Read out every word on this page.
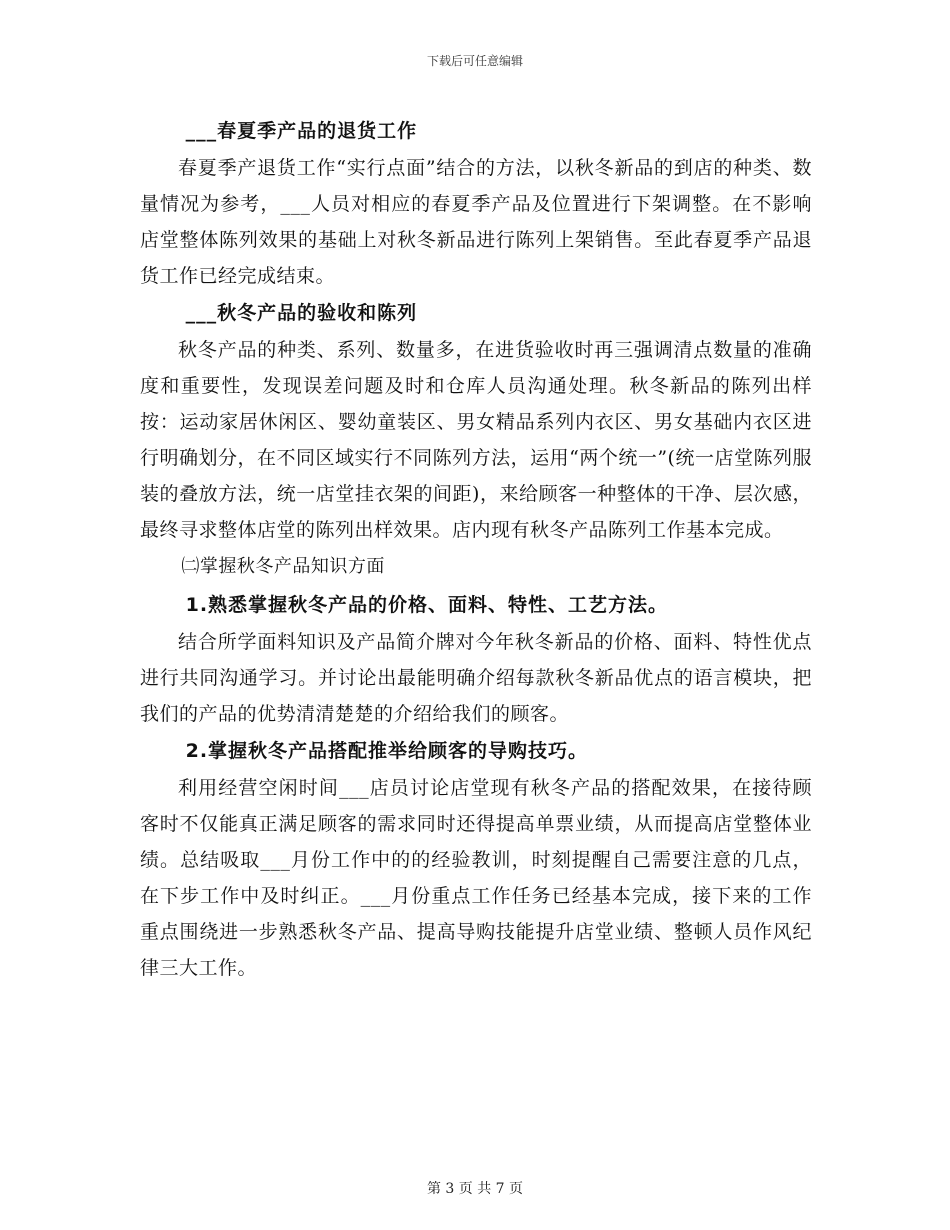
下载后可任意编辑

___春夏季产品的退货工作

春夏季产退货工作“实行点面”结合的方法，以秋冬新品的到店的种类、数量情况为参考，___人员对相应的春夏季产品及位置进行下架调整。在不影响店堂整体陈列效果的基础上对秋冬新品进行陈列上架销售。至此春夏季产品退货工作已经完成结束。

___秋冬产品的验收和陈列

秋冬产品的种类、系列、数量多，在进货验收时再三强调清点数量的准确度和重要性，发现误差问题及时和仓库人员沟通处理。秋冬新品的陈列出样按：运动家居休闲区、婴幼童装区、男女精品系列内衣区、男女基础内衣区进行明确划分，在不同区域实行不同陈列方法，运用“两个统一”(统一店堂陈列服装的叠放方法，统一店堂挂衣架的间距)，来给顾客一种整体的干净、层次感，最终寻求整体店堂的陈列出样效果。店内现有秋冬产品陈列工作基本完成。

㈡掌握秋冬产品知识方面

1.熟悉掌握秋冬产品的价格、面料、特性、工艺方法。

结合所学面料知识及产品简介牌对今年秋冬新品的价格、面料、特性优点进行共同沟通学习。并讨论出最能明确介绍每款秋冬新品优点的语言模块，把我们的产品的优势清清楚楚的介绍给我们的顾客。

2.掌握秋冬产品搭配推举给顾客的导购技巧。

利用经营空闲时间___店员讨论店堂现有秋冬产品的搭配效果，在接待顾客时不仅能真正满足顾客的需求同时还得提高单票业绩，从而提高店堂整体业绩。总结吸取___月份工作中的的经验教训，时刻提醒自己需要注意的几点，在下步工作中及时纠正。___月份重点工作任务已经基本完成，接下来的工作重点围绕进一步熟悉秋冬产品、提高导购技能提升店堂业绩、整顿人员作风纪律三大工作。

第 3 页 共 7 页
